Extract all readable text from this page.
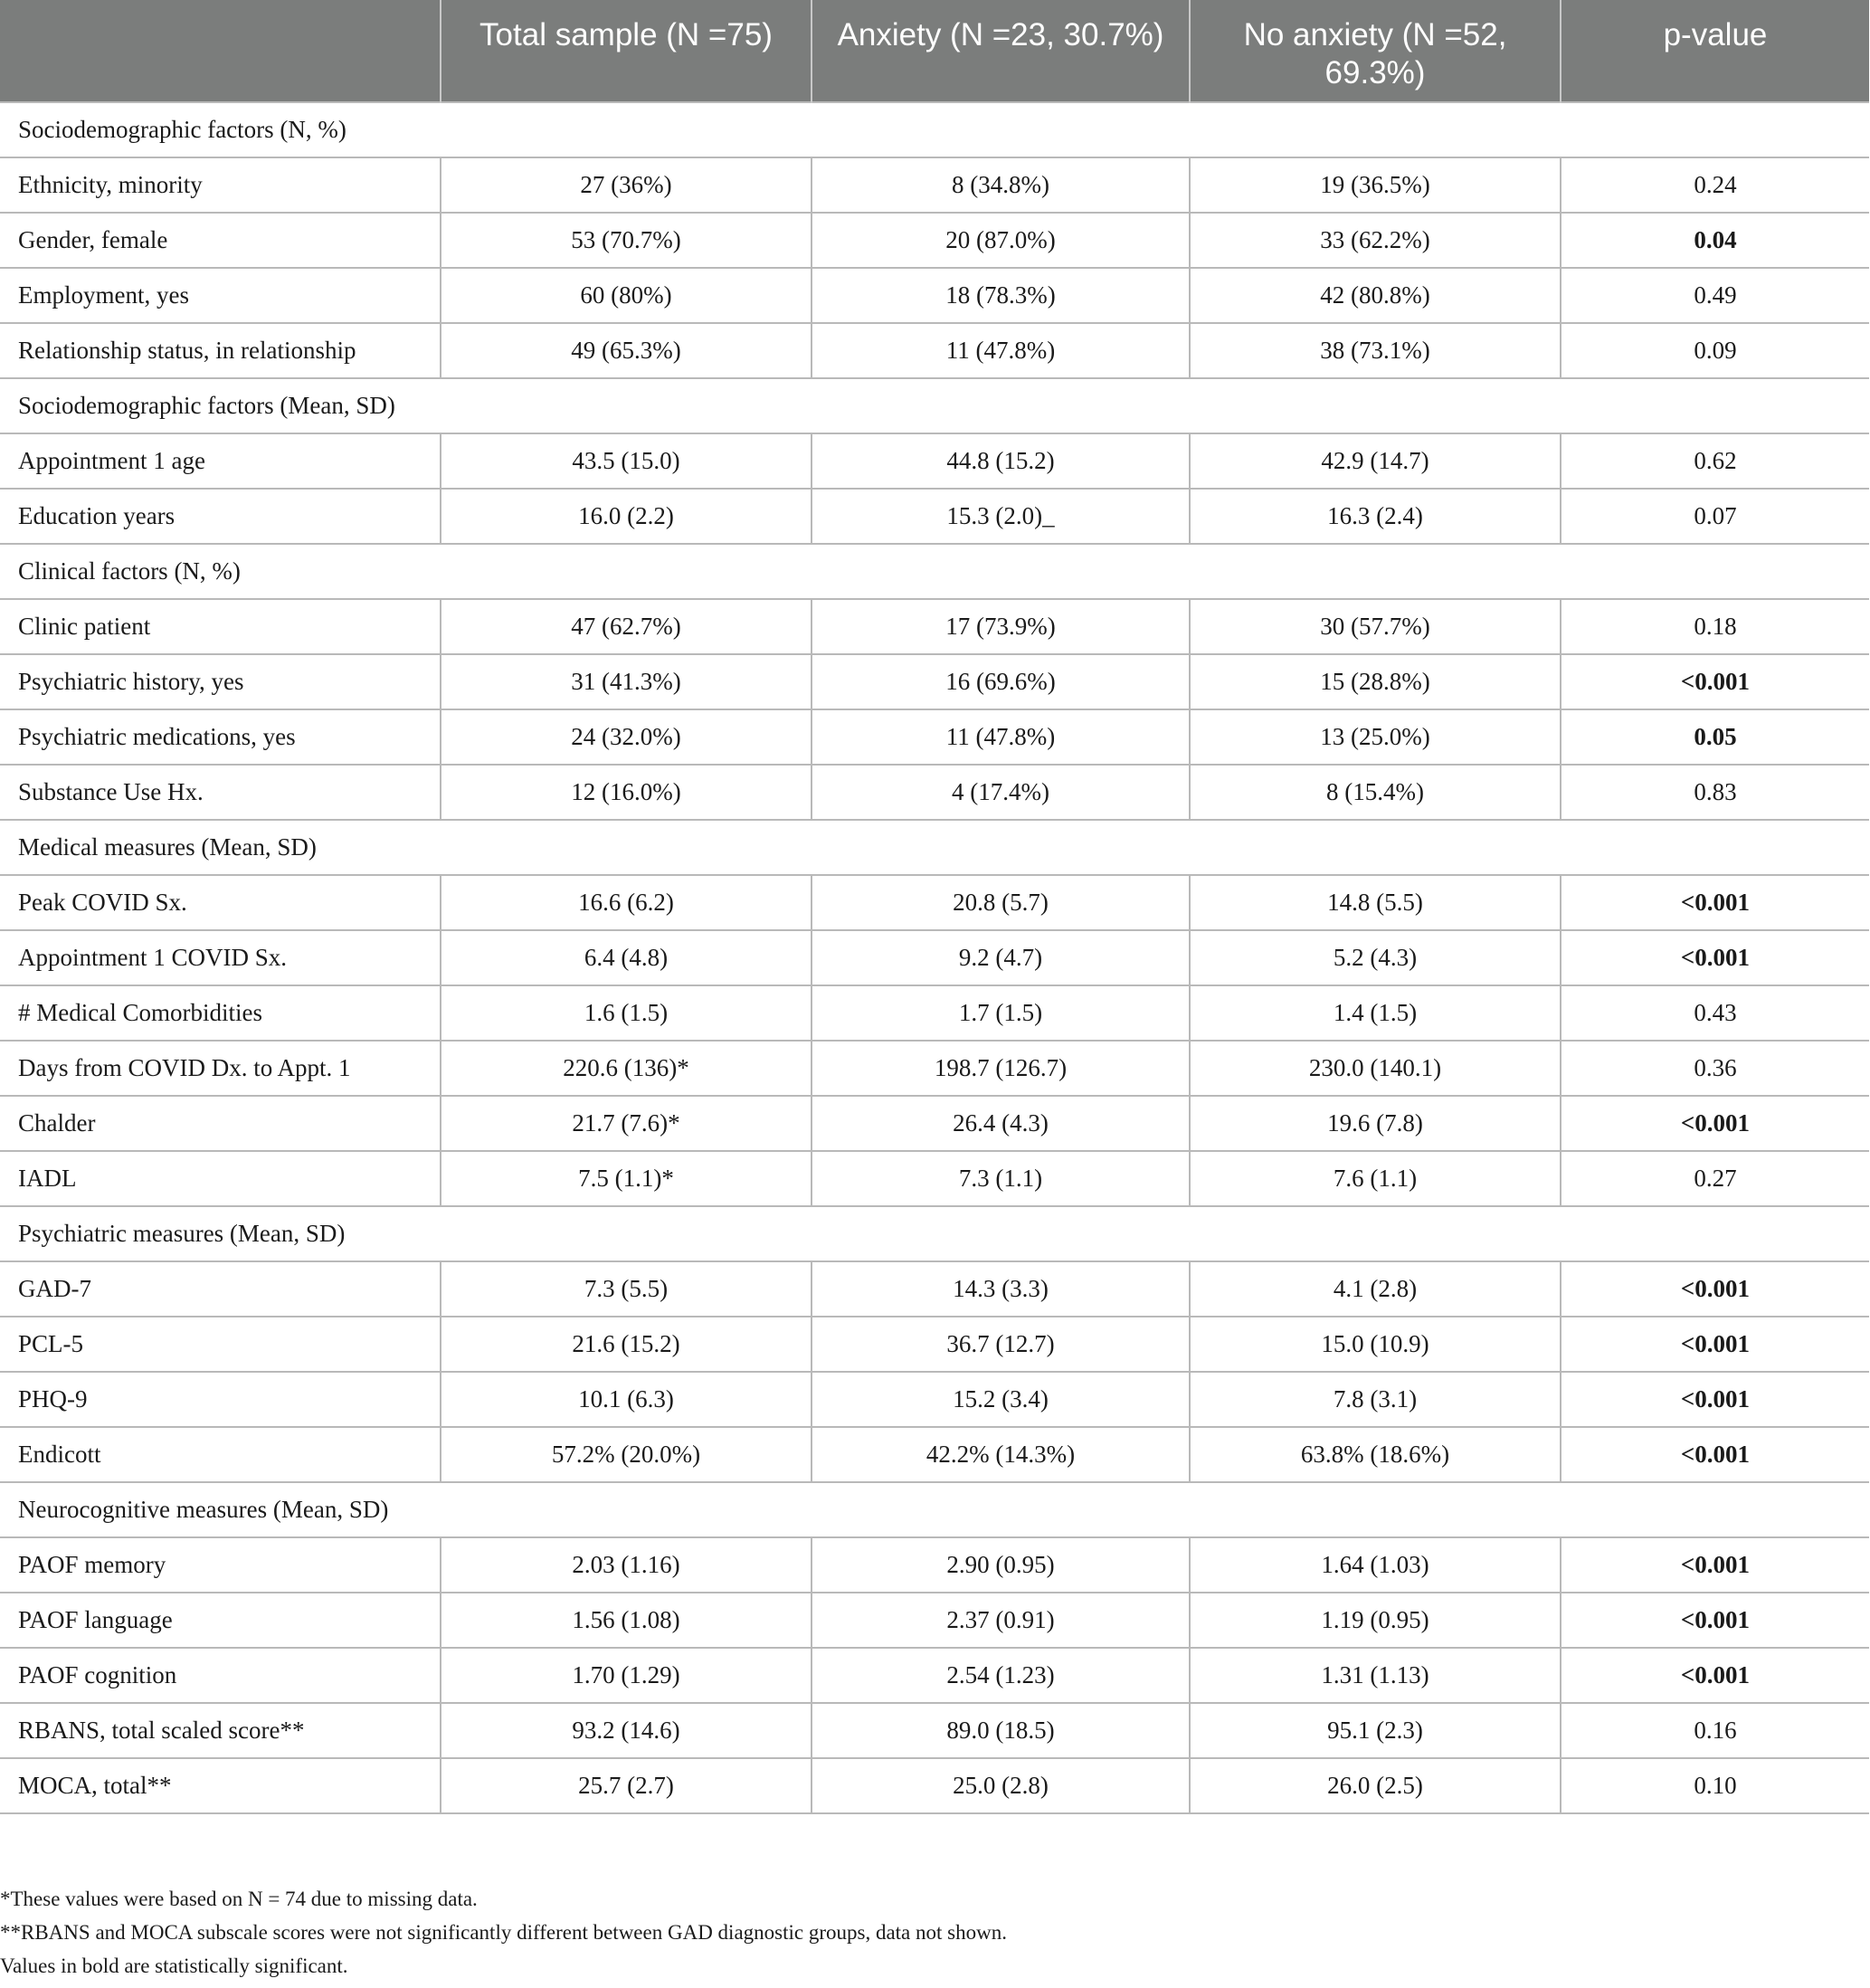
	Total sample (N =75)	Anxiety (N =23, 30.7%)	No anxiety (N =52, 69.3%)	p-value
Sociodemographic factors (N, %)				
Ethnicity, minority	27 (36%)	8 (34.8%)	19 (36.5%)	0.24
Gender, female	53 (70.7%)	20 (87.0%)	33 (62.2%)	0.04
Employment, yes	60 (80%)	18 (78.3%)	42 (80.8%)	0.49
Relationship status, in relationship	49 (65.3%)	11 (47.8%)	38 (73.1%)	0.09
Sociodemographic factors (Mean, SD)				
Appointment 1 age	43.5 (15.0)	44.8 (15.2)	42.9 (14.7)	0.62
Education years	16.0 (2.2)	15.3 (2.0)_	16.3 (2.4)	0.07
Clinical factors (N, %)				
Clinic patient	47 (62.7%)	17 (73.9%)	30 (57.7%)	0.18
Psychiatric history, yes	31 (41.3%)	16 (69.6%)	15 (28.8%)	<0.001
Psychiatric medications, yes	24 (32.0%)	11 (47.8%)	13 (25.0%)	0.05
Substance Use Hx.	12 (16.0%)	4 (17.4%)	8 (15.4%)	0.83
Medical measures (Mean, SD)				
Peak COVID Sx.	16.6 (6.2)	20.8 (5.7)	14.8 (5.5)	<0.001
Appointment 1 COVID Sx.	6.4 (4.8)	9.2 (4.7)	5.2 (4.3)	<0.001
# Medical Comorbidities	1.6 (1.5)	1.7 (1.5)	1.4 (1.5)	0.43
Days from COVID Dx. to Appt. 1	220.6 (136)*	198.7 (126.7)	230.0 (140.1)	0.36
Chalder	21.7 (7.6)*	26.4 (4.3)	19.6 (7.8)	<0.001
IADL	7.5 (1.1)*	7.3 (1.1)	7.6 (1.1)	0.27
Psychiatric measures (Mean, SD)				
GAD-7	7.3 (5.5)	14.3 (3.3)	4.1 (2.8)	<0.001
PCL-5	21.6 (15.2)	36.7 (12.7)	15.0 (10.9)	<0.001
PHQ-9	10.1 (6.3)	15.2 (3.4)	7.8 (3.1)	<0.001
Endicott	57.2% (20.0%)	42.2% (14.3%)	63.8% (18.6%)	<0.001
Neurocognitive measures (Mean, SD)				
PAOF memory	2.03 (1.16)	2.90 (0.95)	1.64 (1.03)	<0.001
PAOF language	1.56 (1.08)	2.37 (0.91)	1.19 (0.95)	<0.001
PAOF cognition	1.70 (1.29)	2.54 (1.23)	1.31 (1.13)	<0.001
RBANS, total scaled score**	93.2 (14.6)	89.0 (18.5)	95.1 (2.3)	0.16
MOCA, total**	25.7 (2.7)	25.0 (2.8)	26.0 (2.5)	0.10
*These values were based on N = 74 due to missing data.
**RBANS and MOCA subscale scores were not significantly different between GAD diagnostic groups, data not shown.
Values in bold are statistically significant.
